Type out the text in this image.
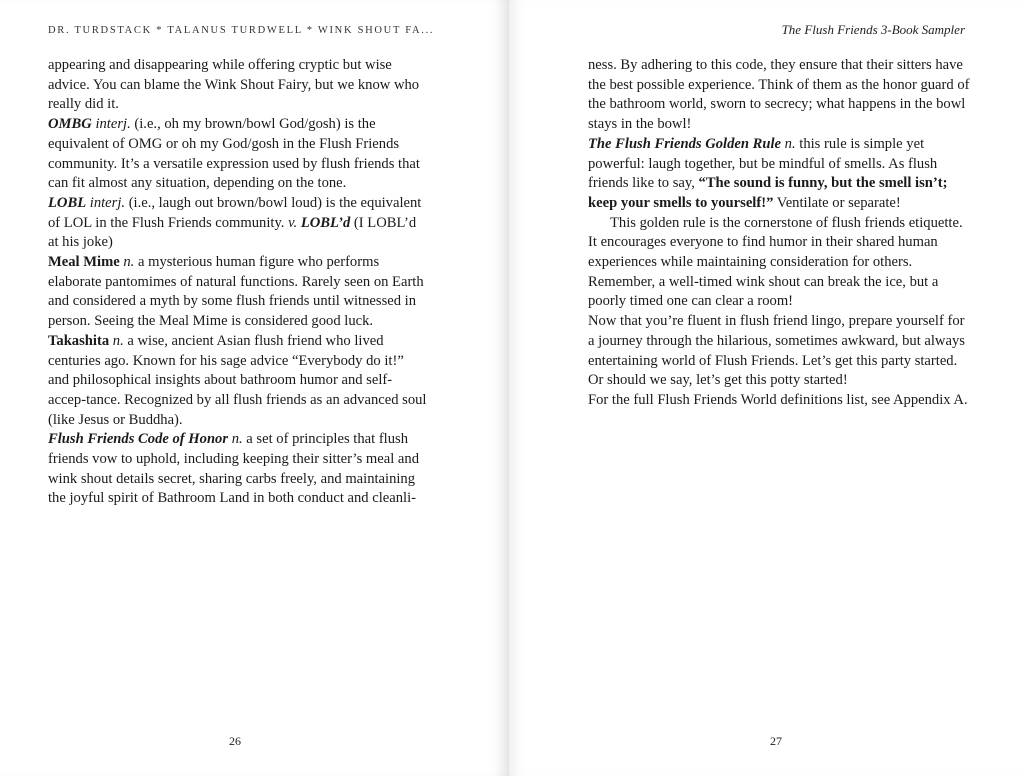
DR. TURDSTACK * TALANUS TURDWELL * WINK SHOUT FA...

appearing and disappearing while offering cryptic but wise advice. You can blame the Wink Shout Fairy, but we know who really did it.

OMBG interj. (i.e., oh my brown/bowl God/gosh) is the equivalent of OMG or oh my God/gosh in the Flush Friends community. It’s a versatile expression used by flush friends that can fit almost any situation, depending on the tone.

LOBL interj. (i.e., laugh out brown/bowl loud) is the equivalent of LOL in the Flush Friends community. v. LOBL’d (I LOBL’d at his joke)

Meal Mime n. a mysterious human figure who performs elaborate pantomimes of natural functions. Rarely seen on Earth and considered a myth by some flush friends until witnessed in person. Seeing the Meal Mime is considered good luck.

Takashita n. a wise, ancient Asian flush friend who lived centuries ago. Known for his sage advice “Everybody do it!” and philosophical insights about bathroom humor and self-accep-tance. Recognized by all flush friends as an advanced soul (like Jesus or Buddha).

Flush Friends Code of Honor n. a set of principles that flush friends vow to uphold, including keeping their sitter’s meal and wink shout details secret, sharing carbs freely, and maintaining the joyful spirit of Bathroom Land in both conduct and cleanli-

26
The Flush Friends 3-Book Sampler

ness. By adhering to this code, they ensure that their sitters have the best possible experience. Think of them as the honor guard of the bathroom world, sworn to secrecy; what happens in the bowl stays in the bowl!

The Flush Friends Golden Rule n. this rule is simple yet powerful: laugh together, but be mindful of smells. As flush friends like to say, “The sound is funny, but the smell isn’t; keep your smells to yourself!” Ventilate or separate!

This golden rule is the cornerstone of flush friends etiquette. It encourages everyone to find humor in their shared human experiences while maintaining consideration for others. Remember, a well-timed wink shout can break the ice, but a poorly timed one can clear a room!

Now that you’re fluent in flush friend lingo, prepare yourself for a journey through the hilarious, sometimes awkward, but always entertaining world of Flush Friends. Let’s get this party started. Or should we say, let’s get this potty started!

For the full Flush Friends World definitions list, see Appendix A.

27
